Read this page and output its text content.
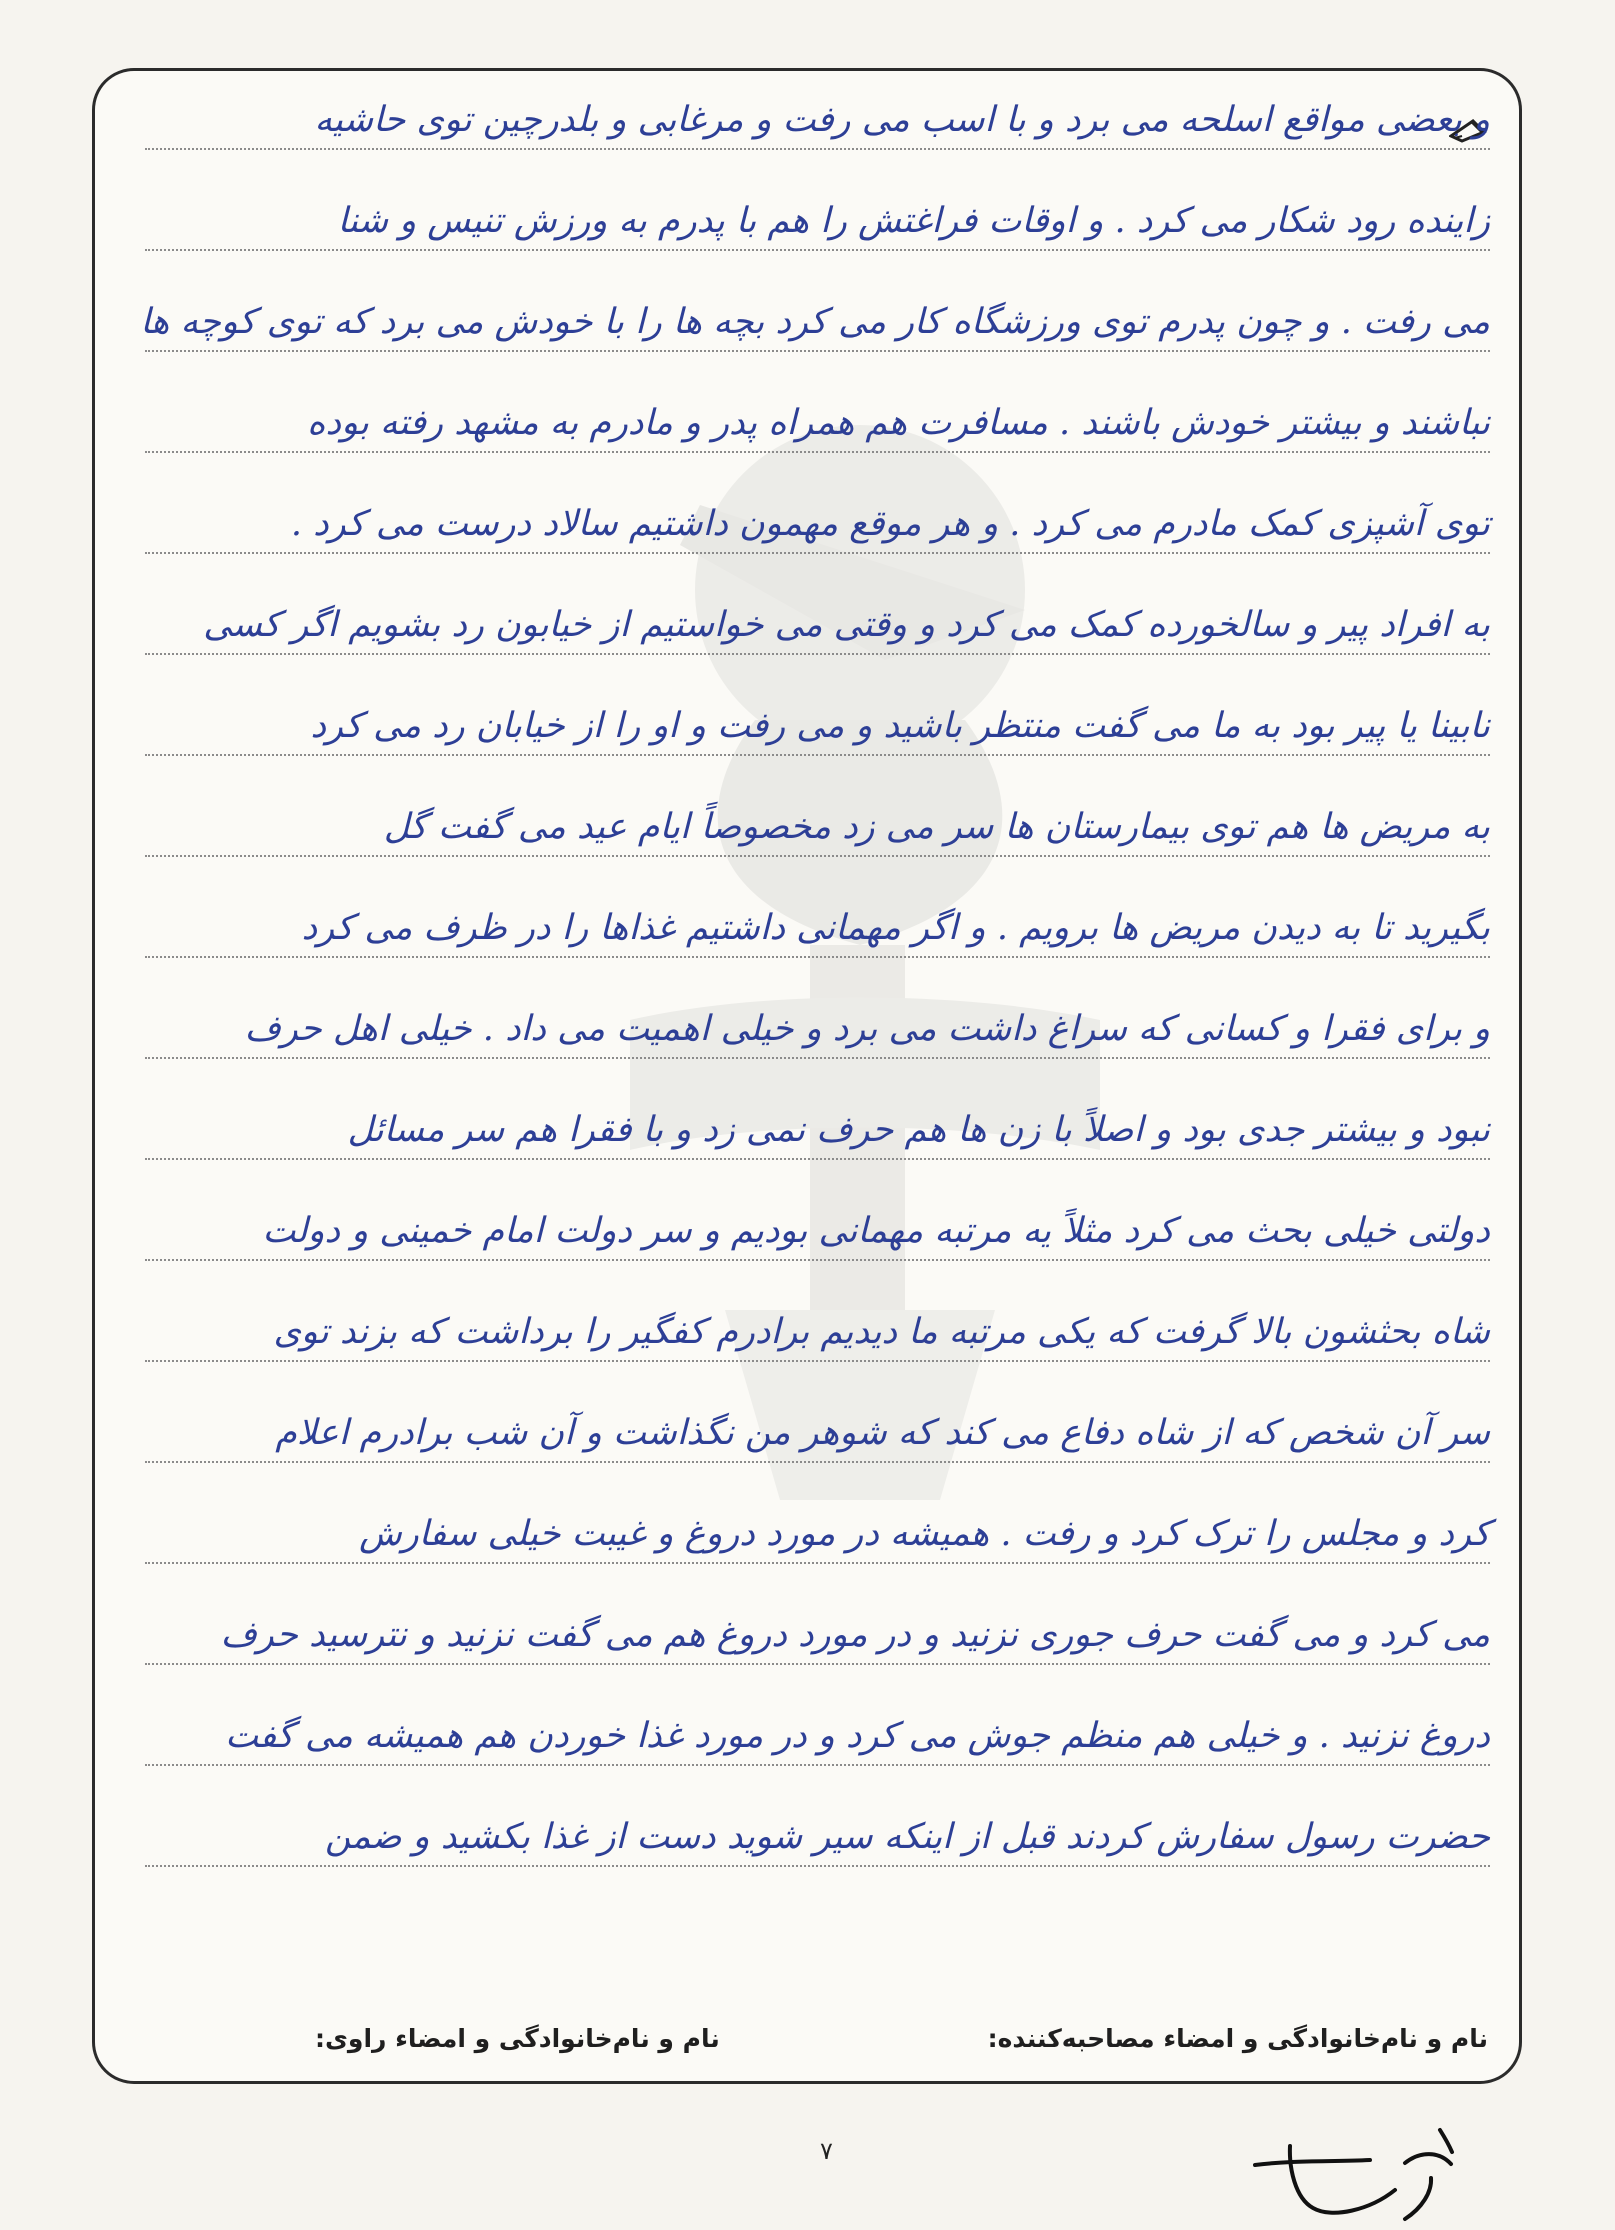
و بعضی مواقع اسلحه می برد و با اسب می رفت و مرغابی و بلدرچین توی حاشیه
زاینده رود شکار می کرد . و اوقات فراغتش را هم با پدرم به ورزش تنیس و شنا
می رفت . و چون پدرم توی ورزشگاه کار می کرد بچه ها را با خودش می برد که توی کوچه ها
نباشند و بیشتر خودش باشند . مسافرت هم همراه پدر و مادرم به مشهد رفته بوده
توی آشپزی کمک مادرم می کرد . و هر موقع مهمون داشتیم سالاد درست می کرد .
به افراد پیر و سالخورده کمک می کرد و وقتی می خواستیم از خیابون رد بشویم اگر کسی
نابینا یا پیر بود به ما می گفت منتظر باشید و می رفت و او را از خیابان رد می کرد
به مریض ها هم توی بیمارستان ها سر می زد مخصوصاً ایام عید می گفت گل
بگیرید تا به دیدن مریض ها برویم . و اگر مهمانی داشتیم غذاها را در ظرف می کرد
و برای فقرا و کسانی که سراغ داشت می برد و خیلی اهمیت می داد . خیلی اهل حرف
نبود و بیشتر جدی بود و اصلاً با زن ها هم حرف نمی زد و با فقرا هم سر مسائل
دولتی خیلی بحث می کرد مثلاً یه مرتبه مهمانی بودیم و سر دولت امام خمینی و دولت
شاه بحثشون بالا گرفت که یکی مرتبه ما دیدیم برادرم کفگیر را برداشت که بزند توی
سر آن شخص که از شاه دفاع می کند که شوهر من نگذاشت و آن شب برادرم اعلام
کرد و مجلس را ترک کرد و رفت . همیشه در مورد دروغ و غیبت خیلی سفارش
می کرد و می گفت حرف جوری نزنید و در مورد دروغ هم می گفت نزنید و نترسید حرف
دروغ نزنید . و خیلی هم منظم جوش می کرد و در مورد غذا خوردن هم همیشه می گفت
حضرت رسول سفارش کردند قبل از اینکه سیر شوید دست از غذا بکشید و ضمن
نام و نام‌خانوادگی و امضاء مصاحبه‌کننده:
نام و نام‌خانوادگی و امضاء راوی:
۷
